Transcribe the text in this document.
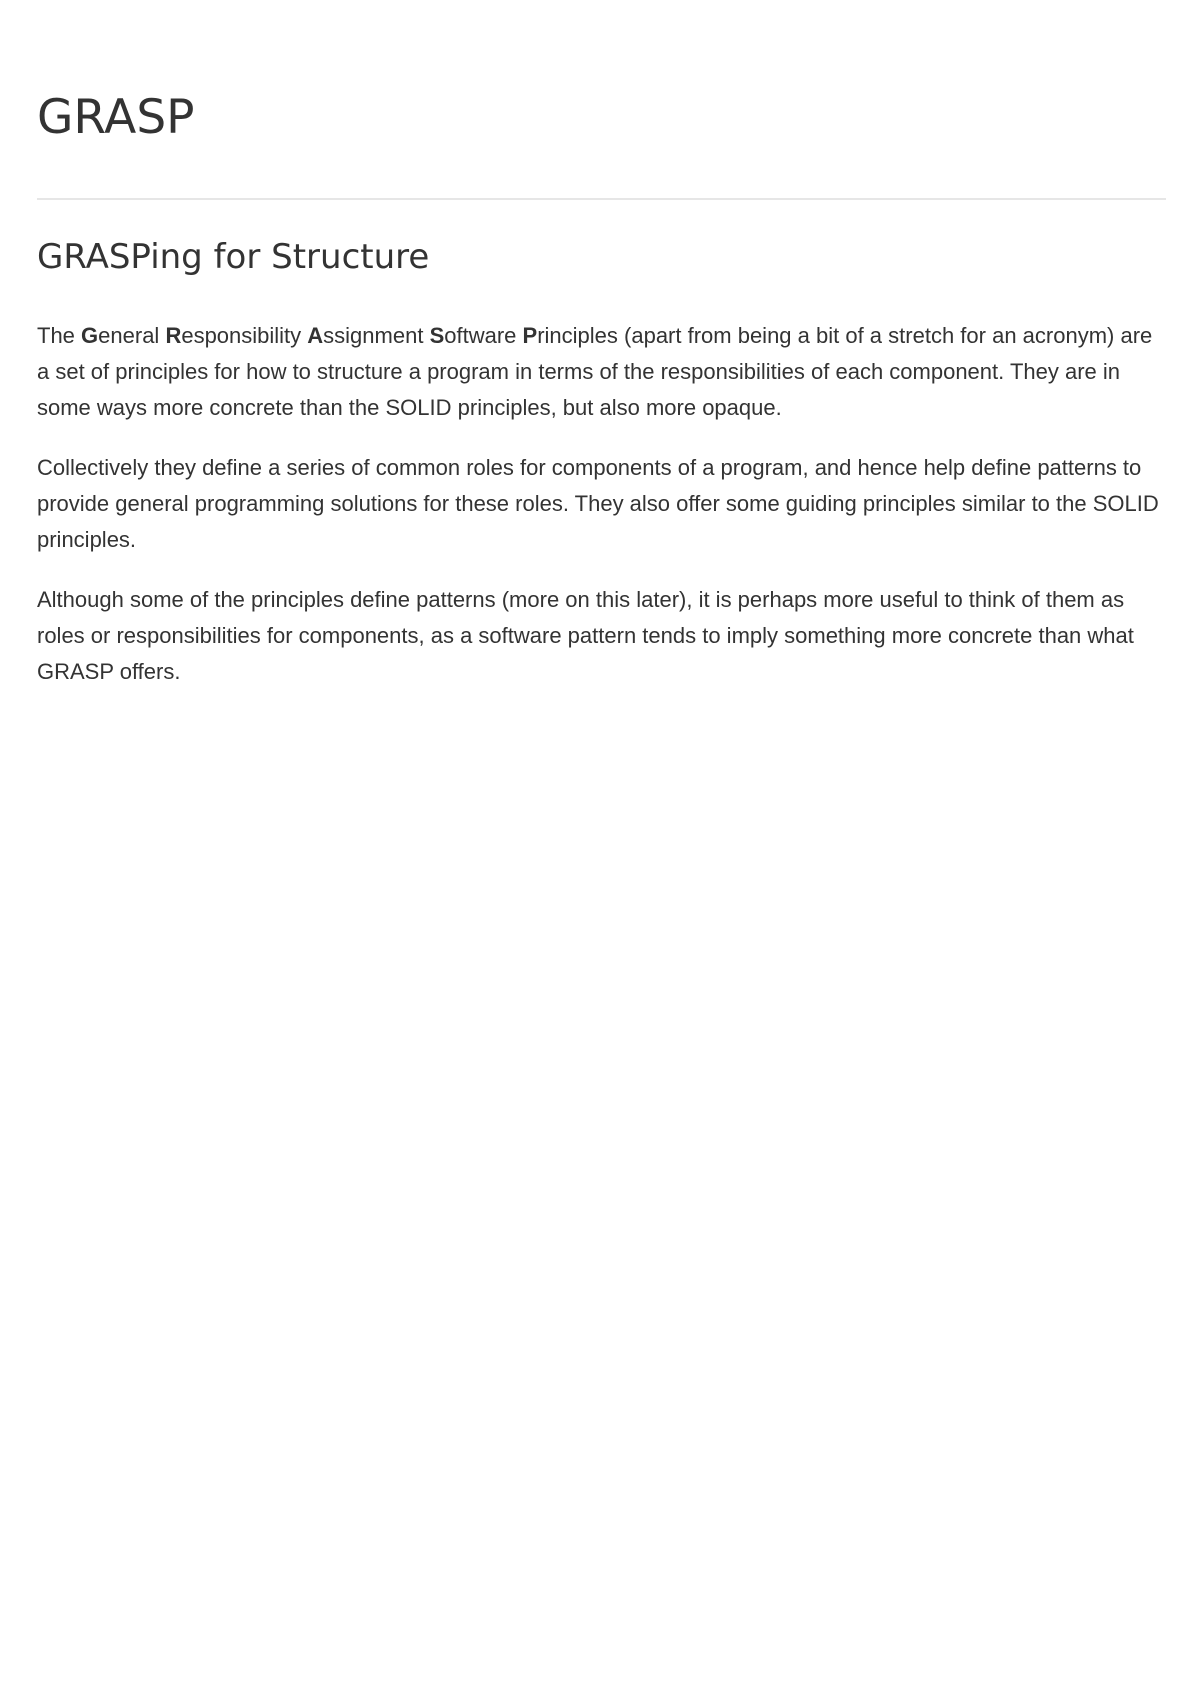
GRASP
GRASPing for Structure

The General Responsibility Assignment Software Principles (apart from being a bit of a stretch for an acronym) are a set of principles for how to structure a program in terms of the responsibilities of each component. They are in some ways more concrete than the SOLID principles, but also more opaque.

Collectively they define a series of common roles for components of a program, and hence help define patterns to provide general programming solutions for these roles. They also offer some guiding principles similar to the SOLID principles.

Although some of the principles define patterns (more on this later), it is perhaps more useful to think of them as roles or responsibilities for components, as a software pattern tends to imply something more concrete than what GRASP offers.
